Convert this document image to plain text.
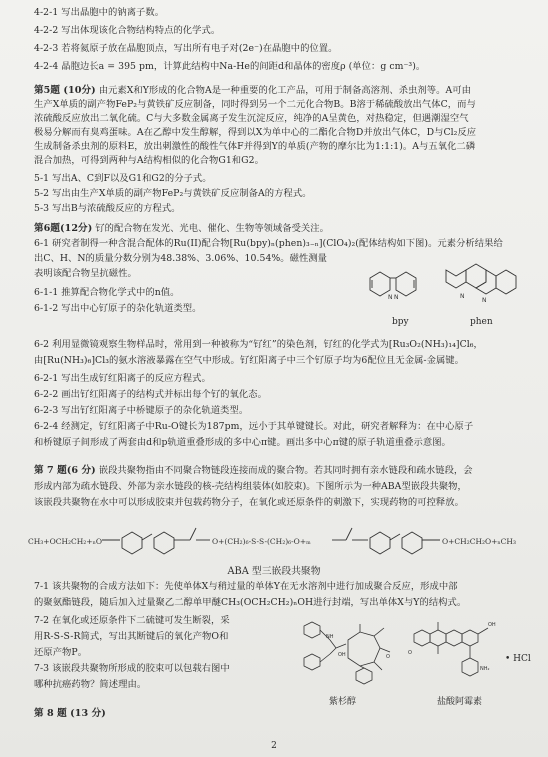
4-2-1 写出晶胞中的钠离子数。
4-2-2 写出体现该化合物结构特点的化学式。
4-2-3 若将氦原子放在晶胞顶点，写出所有电子对(2e⁻)在晶胞中的位置。
4-2-4 晶胞边长a = 395 pm，计算此结构中Na-He的间距d和晶体的密度ρ (单位：g cm⁻³)。
第5题 (10分) 由元素X和Y形成的化合物A是一种重要的化工产品，可用于制备高溶剂、杀虫剂等。A可由
生产X单质的副产物FeP₂与黄铁矿反应制备，同时得到另一个二元化合物B。B溶于稀硫酸放出气体C，而与
浓硫酸反应放出二氧化硫。C与大多数金属离子发生沉淀反应，纯净的A呈黄色，对热稳定，但遇潮湿空气
极易分解而有臭鸡蛋味。A在乙醇中发生醇解，得到以X为单中心的二酯化合物D并放出气体C，D与Cl₂反应
生成制备杀虫剂的原料E，放出刺激性的酸性气体F并得到Y的单质(产物的摩尔比为1:1:1)。A与五氧化二磷
混合加热，可得到两种与A结构相似的化合物G1和G2。
5-1 写出A、C到F以及G1和G2的分子式。
5-2 写出由生产X单质的副产物FeP₂与黄铁矿反应制备A的方程式。
5-3 写出B与浓硫酸反应的方程式。
第6题(12分) 钌的配合物在发光、光电、催化、生物等领域备受关注。
6-1 研究者制得一种含混合配体的Ru(II)配合物[Ru(bpy)ₙ(phen)₃₋ₙ](ClO₄)₂(配体结构如下图)。元素分析结果给
出C、H、N的质量分数分别为48.38%、3.06%、10.54%。磁性测量
表明该配合物呈抗磁性。
6-1-1 推算配合物化学式中的n值。
6-1-2 写出中心钌原子的杂化轨道类型。
N N
bpy
N
N
phen
6-2 利用显微镜观察生物样品时，常用到一种被称为“钌红”的染色剂，钌红的化学式为[Ru₃O₂(NH₃)₁₄]Cl₆，
由[Ru(NH₃)₆]Cl₃的氨水溶液暴露在空气中形成。钌红阳离子中三个钌原子均为6配位且无金属-金属键。
6-2-1 写出生成钌红阳离子的反应方程式。
6-2-2 画出钌红阳离子的结构式并标出每个钌的氧化态。
6-2-3 写出钌红阳离子中桥键原子的杂化轨道类型。
6-2-4 经测定，钌红阳离子中Ru-O键长为187pm，远小于其单键键长。对此，研究者解释为：在中心原子
和桥键原子间形成了两套由d和p轨道重叠形成的多中心π键。画出多中心π键的原子轨道重叠示意图。
第 7 题(6 分) 嵌段共聚物指由不同聚合物链段连接而成的聚合物。若其同时拥有亲水链段和疏水链段，会
形成内部为疏水链段、外部为亲水链段的核-壳结构组装体(如胶束)。下图所示为一种ABA型嵌段共聚物，
该嵌段共聚物在水中可以形成胶束并包载药物分子，在氧化或还原条件的刺激下，实现药物的可控释放。
CH₃+OCH₂CH₂+ₙO	O+(CH₂)₆-S-S-(CH₂)₆-O+ₘ	O+CH₂CH₂O+ₙCH₃
ABA 型三嵌段共聚物
7-1 该共聚物的合成方法如下：先使单体X与稍过量的单体Y在无水溶剂中进行加成聚合反应，形成中部
的聚氨酯链段，随后加入过量聚乙二醇单甲醚CH₃(OCH₂CH₂)ₙOH进行封端，写出单体X与Y的结构式。
7-2 在氧化或还原条件下二硫键可发生断裂，采
用R-S-S-R简式，写出其断键后的氧化产物O和
还原产物P。
7-3 该嵌段共聚物所形成的胶束可以包载右图中
哪种抗癌药物？简述理由。
NH
OH	O
紫杉醇
O
OH
NH₂
• HCl
盐酸阿霉素
第 8 题 (13 分)
2
